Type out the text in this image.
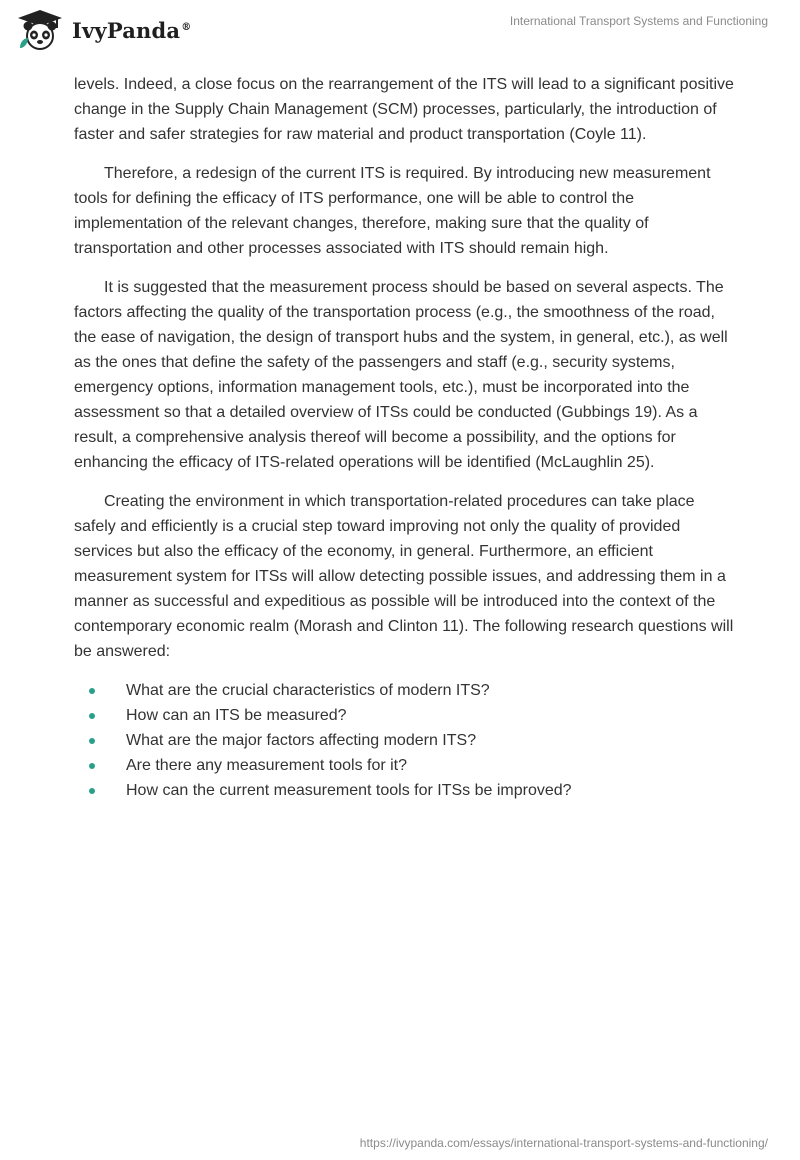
IvyPanda®	International Transport Systems and Functioning

levels. Indeed, a close focus on the rearrangement of the ITS will lead to a significant positive change in the Supply Chain Management (SCM) processes, particularly, the introduction of faster and safer strategies for raw material and product transportation (Coyle 11).

Therefore, a redesign of the current ITS is required. By introducing new measurement tools for defining the efficacy of ITS performance, one will be able to control the implementation of the relevant changes, therefore, making sure that the quality of transportation and other processes associated with ITS should remain high.

It is suggested that the measurement process should be based on several aspects. The factors affecting the quality of the transportation process (e.g., the smoothness of the road, the ease of navigation, the design of transport hubs and the system, in general, etc.), as well as the ones that define the safety of the passengers and staff (e.g., security systems, emergency options, information management tools, etc.), must be incorporated into the assessment so that a detailed overview of ITSs could be conducted (Gubbings 19). As a result, a comprehensive analysis thereof will become a possibility, and the options for enhancing the efficacy of ITS-related operations will be identified (McLaughlin 25).

Creating the environment in which transportation-related procedures can take place safely and efficiently is a crucial step toward improving not only the quality of provided services but also the efficacy of the economy, in general. Furthermore, an efficient measurement system for ITSs will allow detecting possible issues, and addressing them in a manner as successful and expeditious as possible will be introduced into the context of the contemporary economic realm (Morash and Clinton 11). The following research questions will be answered:

What are the crucial characteristics of modern ITS?
How can an ITS be measured?
What are the major factors affecting modern ITS?
Are there any measurement tools for it?
How can the current measurement tools for ITSs be improved?
https://ivypanda.com/essays/international-transport-systems-and-functioning/
